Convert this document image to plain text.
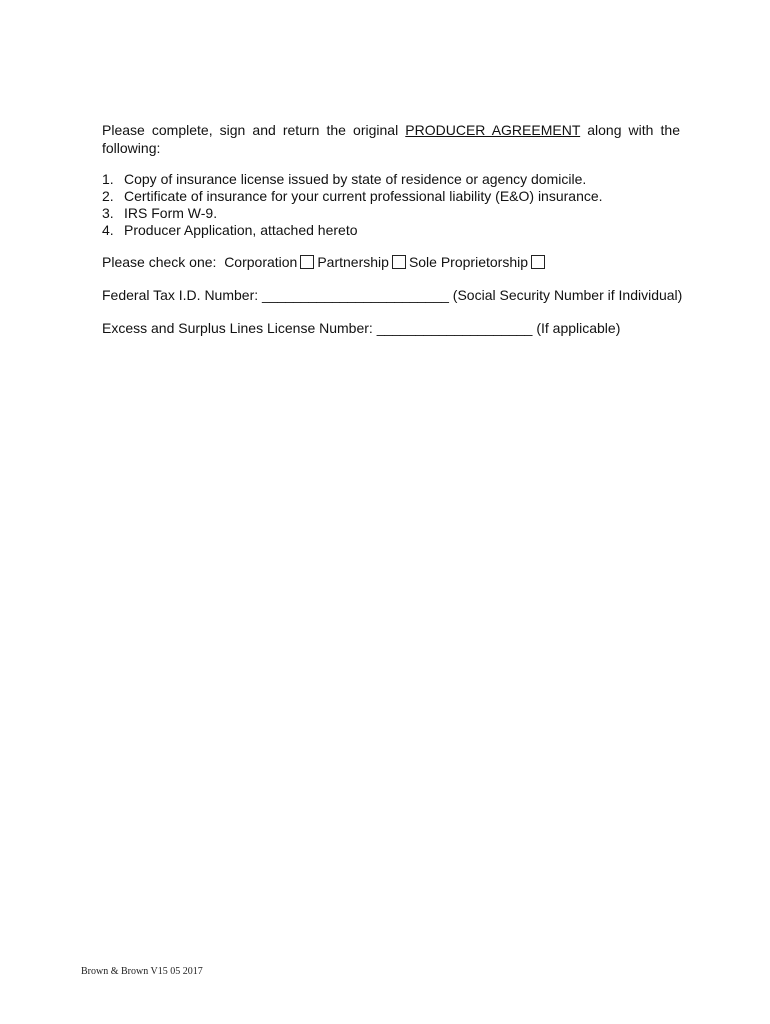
Please complete, sign and return the original PRODUCER AGREEMENT along with the following:
1. Copy of insurance license issued by state of residence or agency domicile.
2. Certificate of insurance for your current professional liability (E&O) insurance.
3. IRS Form W-9.
4. Producer Application, attached hereto
Please check one: Corporation Partnership Sole Proprietorship
Federal Tax I.D. Number: ________________________ (Social Security Number if Individual)
Excess and Surplus Lines License Number: ____________________ (If applicable)
Brown & Brown V15 05 2017
